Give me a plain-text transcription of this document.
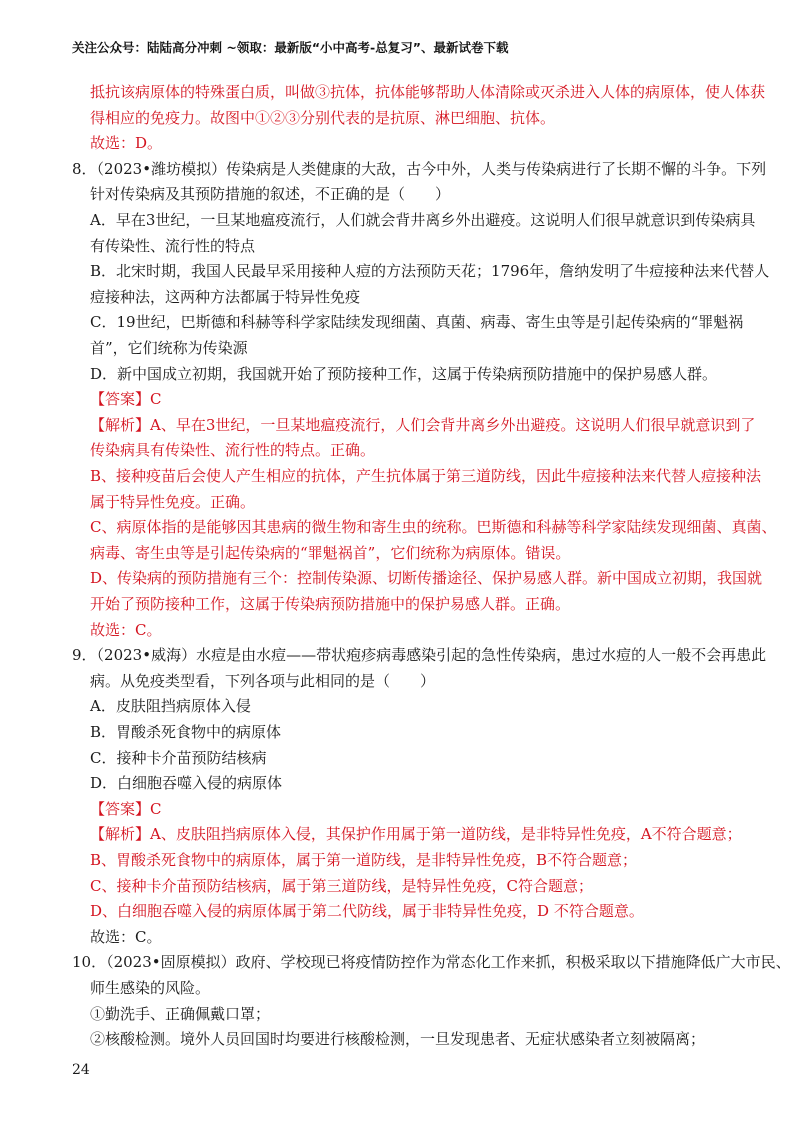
关注公众号：陆陆高分冲刺 ~领取：最新版“小中高考-总复习”、最新试卷下载
抵抗该病原体的特殊蛋白质，叫做③抗体，抗体能够帮助人体清除或灭杀进入人体的病原体，使人体获
得相应的免疫力。故图中①②③分别代表的是抗原、淋巴细胞、抗体。
故选：D。
8．（2023•潍坊模拟）传染病是人类健康的大敌，古今中外，人类与传染病进行了长期不懈的斗争。下列
针对传染病及其预防措施的叙述，不正确的是（　　）
A．早在3世纪，一旦某地瘟疫流行，人们就会背井离乡外出避疫。这说明人们很早就意识到传染病具
有传染性、流行性的特点
B．北宋时期，我国人民最早采用接种人痘的方法预防天花；1796年，詹纳发明了牛痘接种法来代替人
痘接种法，这两种方法都属于特异性免疫
C．19世纪，巴斯德和科赫等科学家陆续发现细菌、真菌、病毒、寄生虫等是引起传染病的“罪魁祸
首”，它们统称为传染源
D．新中国成立初期，我国就开始了预防接种工作，这属于传染病预防措施中的保护易感人群。
【答案】C
【解析】A、早在3世纪，一旦某地瘟疫流行，人们会背井离乡外出避疫。这说明人们很早就意识到了
传染病具有传染性、流行性的特点。正确。
B、接种疫苗后会使人产生相应的抗体，产生抗体属于第三道防线，因此牛痘接种法来代替人痘接种法
属于特异性免疫。正确。
C、病原体指的是能够因其患病的微生物和寄生虫的统称。巴斯德和科赫等科学家陆续发现细菌、真菌、
病毒、寄生虫等是引起传染病的“罪魁祸首”，它们统称为病原体。错误。
D、传染病的预防措施有三个：控制传染源、切断传播途径、保护易感人群。新中国成立初期，我国就
开始了预防接种工作，这属于传染病预防措施中的保护易感人群。正确。
故选：C。
9．（2023•威海）水痘是由水痘——带状疱疹病毒感染引起的急性传染病，患过水痘的人一般不会再患此
病。从免疫类型看，下列各项与此相同的是（　　）
A．皮肤阻挡病原体入侵
B．胃酸杀死食物中的病原体
C．接种卡介苗预防结核病
D．白细胞吞噬入侵的病原体
【答案】C
【解析】A、皮肤阻挡病原体入侵，其保护作用属于第一道防线，是非特异性免疫，A不符合题意；
B、胃酸杀死食物中的病原体，属于第一道防线，是非特异性免疫，B不符合题意；
C、接种卡介苗预防结核病，属于第三道防线，是特异性免疫，C符合题意；
D、白细胞吞噬入侵的病原体属于第二代防线，属于非特异性免疫，D 不符合题意。
故选：C。
10．（2023•固原模拟）政府、学校现已将疫情防控作为常态化工作来抓，积极采取以下措施降低广大市民、
师生感染的风险。
①勤洗手、正确佩戴口罩；
②核酸检测。境外人员回国时均要进行核酸检测，一旦发现患者、无症状感染者立刻被隔离；
24
